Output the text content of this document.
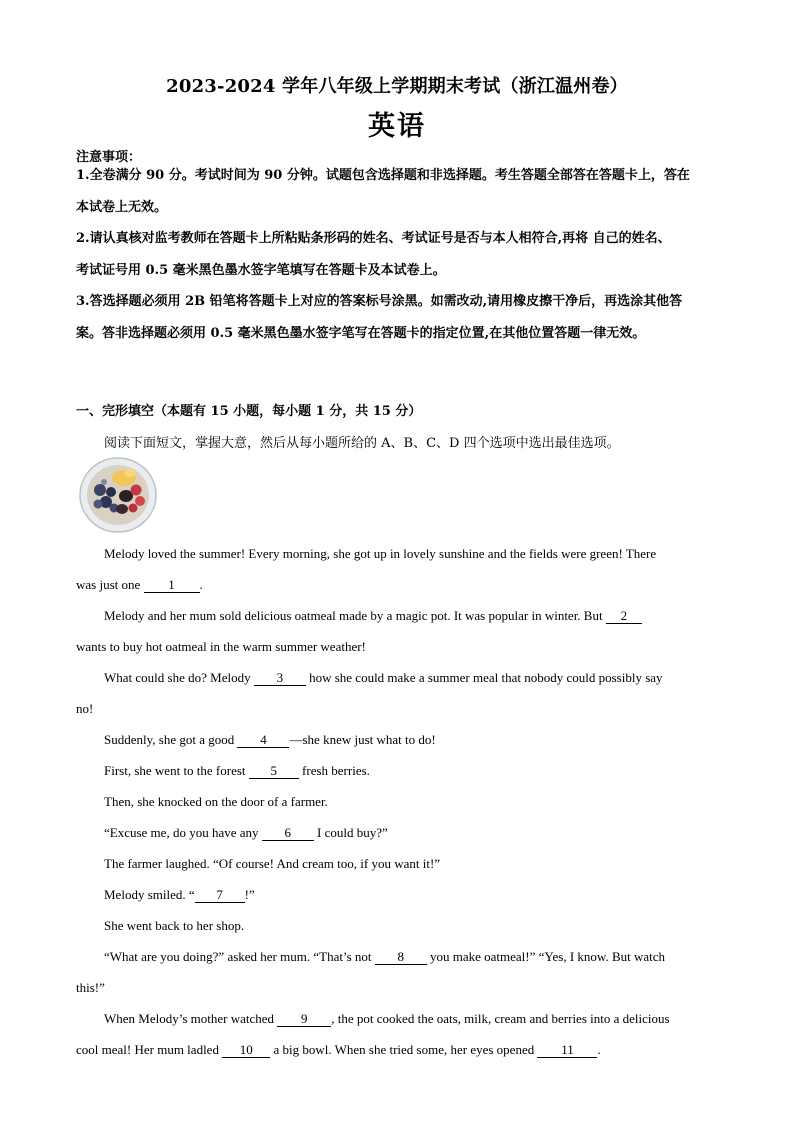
2023-2024 学年八年级上学期期末考试（浙江温州卷）
英语
注意事项：
1.全卷满分 90 分。考试时间为 90 分钟。试题包含选择题和非选择题。考生答题全部答在答题卡上，答在
本试卷上无效。
2.请认真核对监考教师在答题卡上所粘贴条形码的姓名、考试证号是否与本人相符合,再将 自己的姓名、
考试证号用 0.5 毫米黑色墨水签字笔填写在答题卡及本试卷上。
3.答选择题必须用 2B 铅笔将答题卡上对应的答案标号涂黑。如需改动,请用橡皮擦干净后，再选涂其他答
案。答非选择题必须用 0.5 毫米黑色墨水签字笔写在答题卡的指定位置,在其他位置答题一律无效。
一、完形填空（本题有 15 小题，每小题 1 分，共 15 分）
阅读下面短文，掌握大意，然后从每小题所给的 A、B、C、D 四个选项中选出最佳选项。
Melody loved the summer! Every morning, she got up in lovely sunshine and the fields were green! There
was just one 1 .
Melody and her mum sold delicious oatmeal made by a magic pot. It was popular in winter. But 2
wants to buy hot oatmeal in the warm summer weather!
What could she do? Melody 3 how she could make a summer meal that nobody could possibly say
no!
Suddenly, she got a good 4 —she knew just what to do!
First, she went to the forest 5 fresh berries.
Then, she knocked on the door of a farmer.
“Excuse me, do you have any 6 I could buy?”
The farmer laughed. “Of course! And cream too, if you want it!”
Melody smiled. “ 7 !”
She went back to her shop.
“What are you doing?” asked her mum. “That’s not 8 you make oatmeal!” “Yes, I know. But watch
this!”
When Melody’s mother watched 9 , the pot cooked the oats, milk, cream and berries into a delicious
cool meal! Her mum ladled 10 a big bowl. When she tried some, her eyes opened 11 .
